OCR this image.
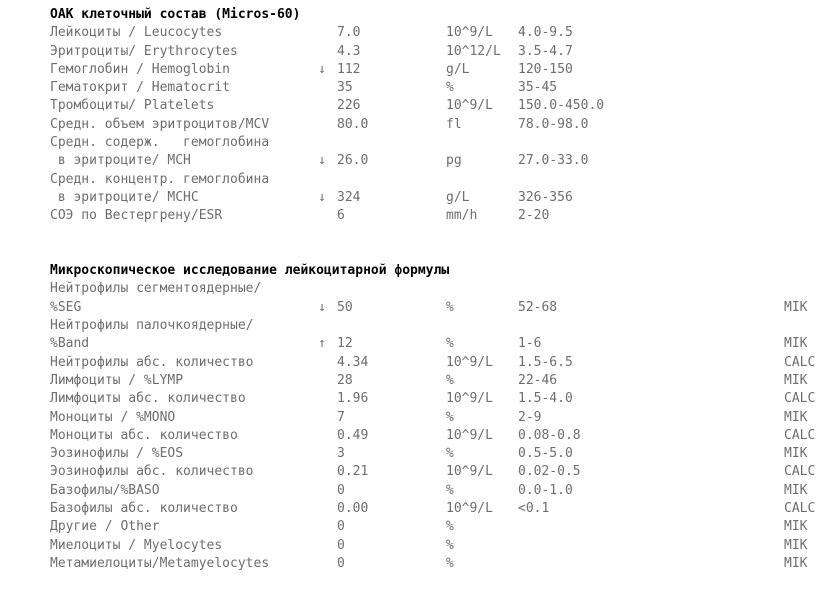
ОАК клеточный состав (Micros-60)
Лейкоциты / Leucocytes	7.0	10^9/L 4.0-9.5
Эритроциты/ Erythrocytes	4.3	10^12/L 3.5-4.7
Гемоглобин / Hemoglobin	↓ 112	g/L	120-150
Гематокрит / Hematocrit	35	%	35-45
Тромбоциты/ Platelets	226	10^9/L 150.0-450.0
Средн. объем эритроцитов/MCV	80.0	fl	78.0-98.0
Средн. содерж.   гемоглобина
в эритроците/ MCH	↓ 26.0	pg	27.0-33.0
Средн. концентр. гемоглобина
в эритроците/ MCHC	↓ 324	g/L	326-356
СОЭ по Вестергрену/ESR	6	mm/h	2-20
Микроскопическое исследование лейкоцитарной формулы
Нейтрофилы сегментоядерные/
%SEG	↓ 50	%	52-68	MIK
Нейтрофилы палочкоядерные/
%Band	↑ 12	%	1-6	MIK
Нейтрофилы абс. количество	4.34	10^9/L 1.5-6.5	CALC
Лимфоциты / %LYMP	28	%	22-46	MIK
Лимфоциты абс. количество	1.96	10^9/L 1.5-4.0	CALC
Моноциты / %MONO	7	%	2-9	MIK
Моноциты абс. количество	0.49	10^9/L 0.08-0.8	CALC
Эозинофилы / %EOS	3	%	0.5-5.0	MIK
Эозинофилы абс. количество	0.21	10^9/L 0.02-0.5	CALC
Базофилы/%BASO	0	%	0.0-1.0	MIK
Базофилы абс. количество	0.00	10^9/L <0.1	CALC
Другие / Other	0	%	MIK
Миелоциты / Myelocytes	0	%	MIK
Метамиелоциты/Metamyelocytes	0	%	MIK
